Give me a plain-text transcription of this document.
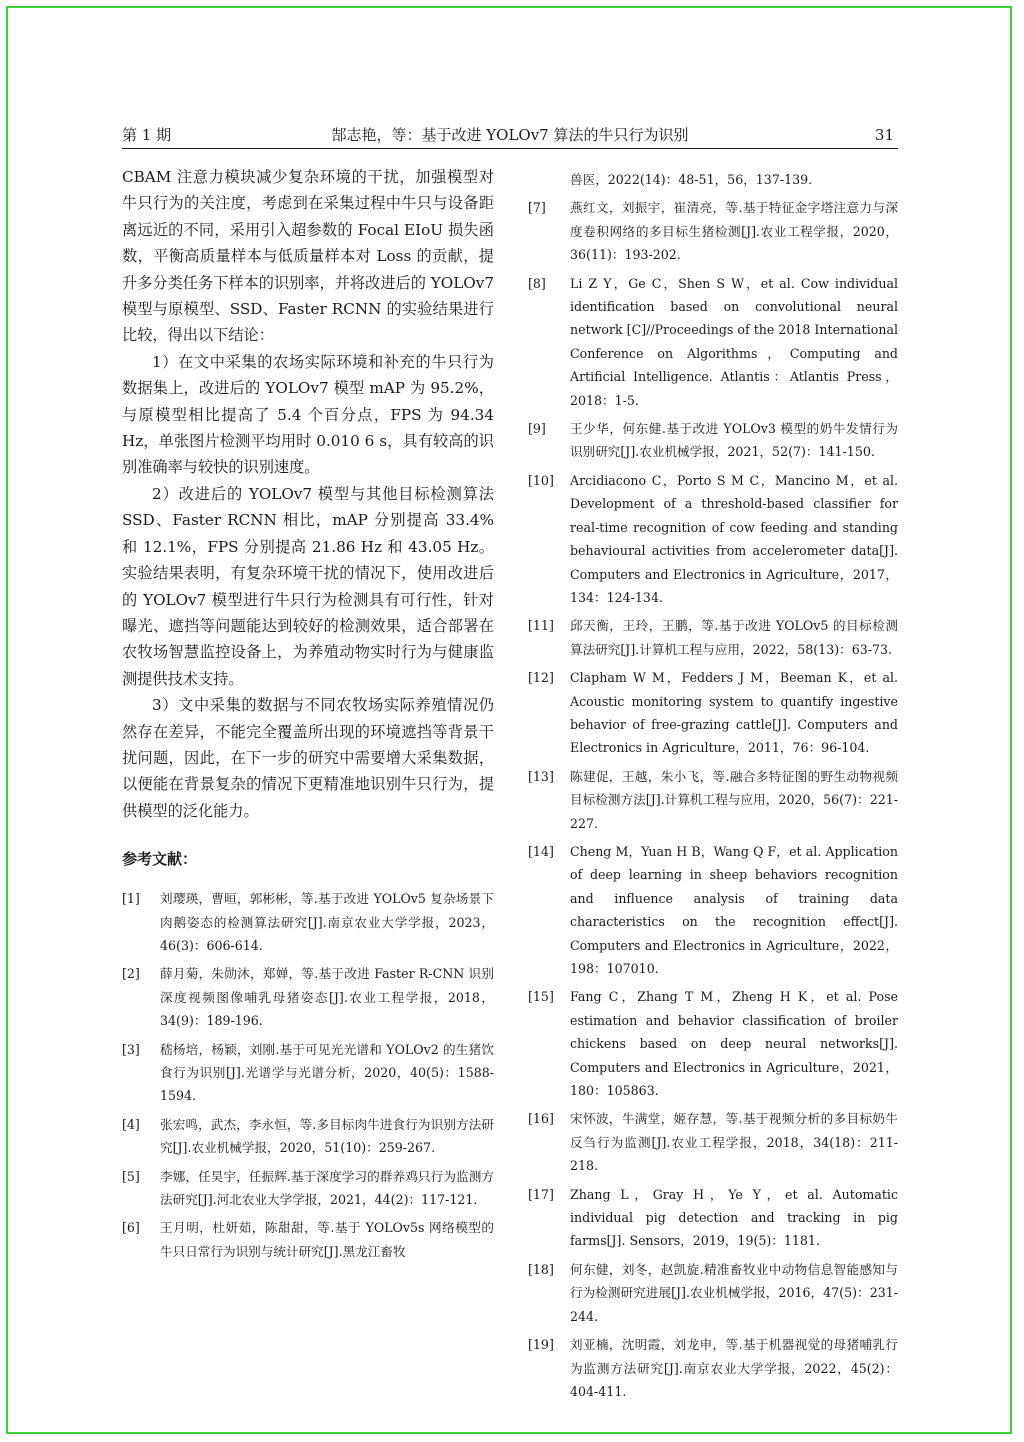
第 1 期	郜志艳，等：基于改进 YOLOv7 算法的牛只行为识别	31

CBAM 注意力模块减少复杂环境的干扰，加强模型对牛只行为的关注度，考虑到在采集过程中牛只与设备距离远近的不同，采用引入超参数的 Focal EIoU 损失函数，平衡高质量样本与低质量样本对 Loss 的贡献，提升多分类任务下样本的识别率，并将改进后的 YOLOv7 模型与原模型、SSD、Faster RCNN 的实验结果进行比较，得出以下结论：

1）在文中采集的农场实际环境和补充的牛只行为数据集上，改进后的 YOLOv7 模型 mAP 为 95.2%，与原模型相比提高了 5.4 个百分点，FPS 为 94.34 Hz，单张图片检测平均用时 0.010 6 s，具有较高的识别准确率与较快的识别速度。

2）改进后的 YOLOv7 模型与其他目标检测算法 SSD、Faster RCNN 相比，mAP 分别提高 33.4% 和 12.1%，FPS 分别提高 21.86 Hz 和 43.05 Hz。实验结果表明，有复杂环境干扰的情况下，使用改进后的 YOLOv7 模型进行牛只行为检测具有可行性，针对曝光、遮挡等问题能达到较好的检测效果，适合部署在农牧场智慧监控设备上，为养殖动物实时行为与健康监测提供技术支持。

3）文中采集的数据与不同农牧场实际养殖情况仍然存在差异，不能完全覆盖所出现的环境遮挡等背景干扰问题，因此，在下一步的研究中需要增大采集数据，以便能在背景复杂的情况下更精准地识别牛只行为，提供模型的泛化能力。

参考文献：
[1] 刘璎瑛，曹晅，郭彬彬，等.基于改进 YOLOv5 复杂场景下肉鹅姿态的检测算法研究[J].南京农业大学学报，2023，46(3)：606-614.
[2] 薛月菊，朱勋沐，郑婵，等.基于改进 Faster R-CNN 识别深度视频图像哺乳母猪姿态[J].农业工程学报，2018，34(9)：189-196.
[3] 嵇杨培，杨颖，刘刚.基于可见光光谱和 YOLOv2 的生猪饮食行为识别[J].光谱学与光谱分析，2020，40(5)：1588-1594.
[4] 张宏鸣，武杰，李永恒，等.多目标肉牛进食行为识别方法研究[J].农业机械学报，2020，51(10)：259-267.
[5] 李娜，任昊宇，任振辉.基于深度学习的群养鸡只行为监测方法研究[J].河北农业大学学报，2021，44(2)：117-121.
[6] 王月明，杜妍茹，陈甜甜，等.基于 YOLOv5s 网络模型的牛只日常行为识别与统计研究[J].黑龙江畜牧
兽医，2022(14)：48-51，56，137-139.
[7] 燕红文，刘振宇，崔清亮，等.基于特征金字塔注意力与深度卷积网络的多目标生猪检测[J].农业工程学报，2020，36(11)：193-202.
[8] Li Z Y，Ge C，Shen S W，et al. Cow individual identification based on convolutional neural network [C]//Proceedings of the 2018 International Conference on Algorithms，Computing and Artificial Intelligence. Atlantis：Atlantis Press，2018：1-5.
[9] 王少华，何东健.基于改进 YOLOv3 模型的奶牛发情行为识别研究[J].农业机械学报，2021，52(7)：141-150.
[10] Arcidiacono C，Porto S M C，Mancino M，et al. Development of a threshold-based classifier for real-time recognition of cow feeding and standing behavioural activities from accelerometer data[J]. Computers and Electronics in Agriculture，2017，134：124-134.
[11] 邱天衡，王玲，王鹏，等.基于改进 YOLOv5 的目标检测算法研究[J].计算机工程与应用，2022，58(13)：63-73.
[12] Clapham W M，Fedders J M，Beeman K，et al. Acoustic monitoring system to quantify ingestive behavior of free-grazing cattle[J]. Computers and Electronics in Agriculture，2011，76：96-104.
[13] 陈建促，王越，朱小飞，等.融合多特征图的野生动物视频目标检测方法[J].计算机工程与应用，2020，56(7)：221-227.
[14] Cheng M，Yuan H B，Wang Q F，et al. Application of deep learning in sheep behaviors recognition and influence analysis of training data characteristics on the recognition effect[J]. Computers and Electronics in Agriculture，2022，198：107010.
[15] Fang C，Zhang T M，Zheng H K，et al. Pose estimation and behavior classification of broiler chickens based on deep neural networks[J]. Computers and Electronics in Agriculture，2021，180：105863.
[16] 宋怀波，牛满堂，姬存慧，等.基于视频分析的多目标奶牛反刍行为监测[J].农业工程学报，2018，34(18)：211-218.
[17] Zhang L，Gray H，Ye Y，et al. Automatic individual pig detection and tracking in pig farms[J]. Sensors，2019，19(5)：1181.
[18] 何东健，刘冬，赵凯旋.精准畜牧业中动物信息智能感知与行为检测研究进展[J].农业机械学报，2016，47(5)：231-244.
[19] 刘亚楠，沈明霞，刘龙申，等.基于机器视觉的母猪哺乳行为监测方法研究[J].南京农业大学学报，2022，45(2)：404-411.
